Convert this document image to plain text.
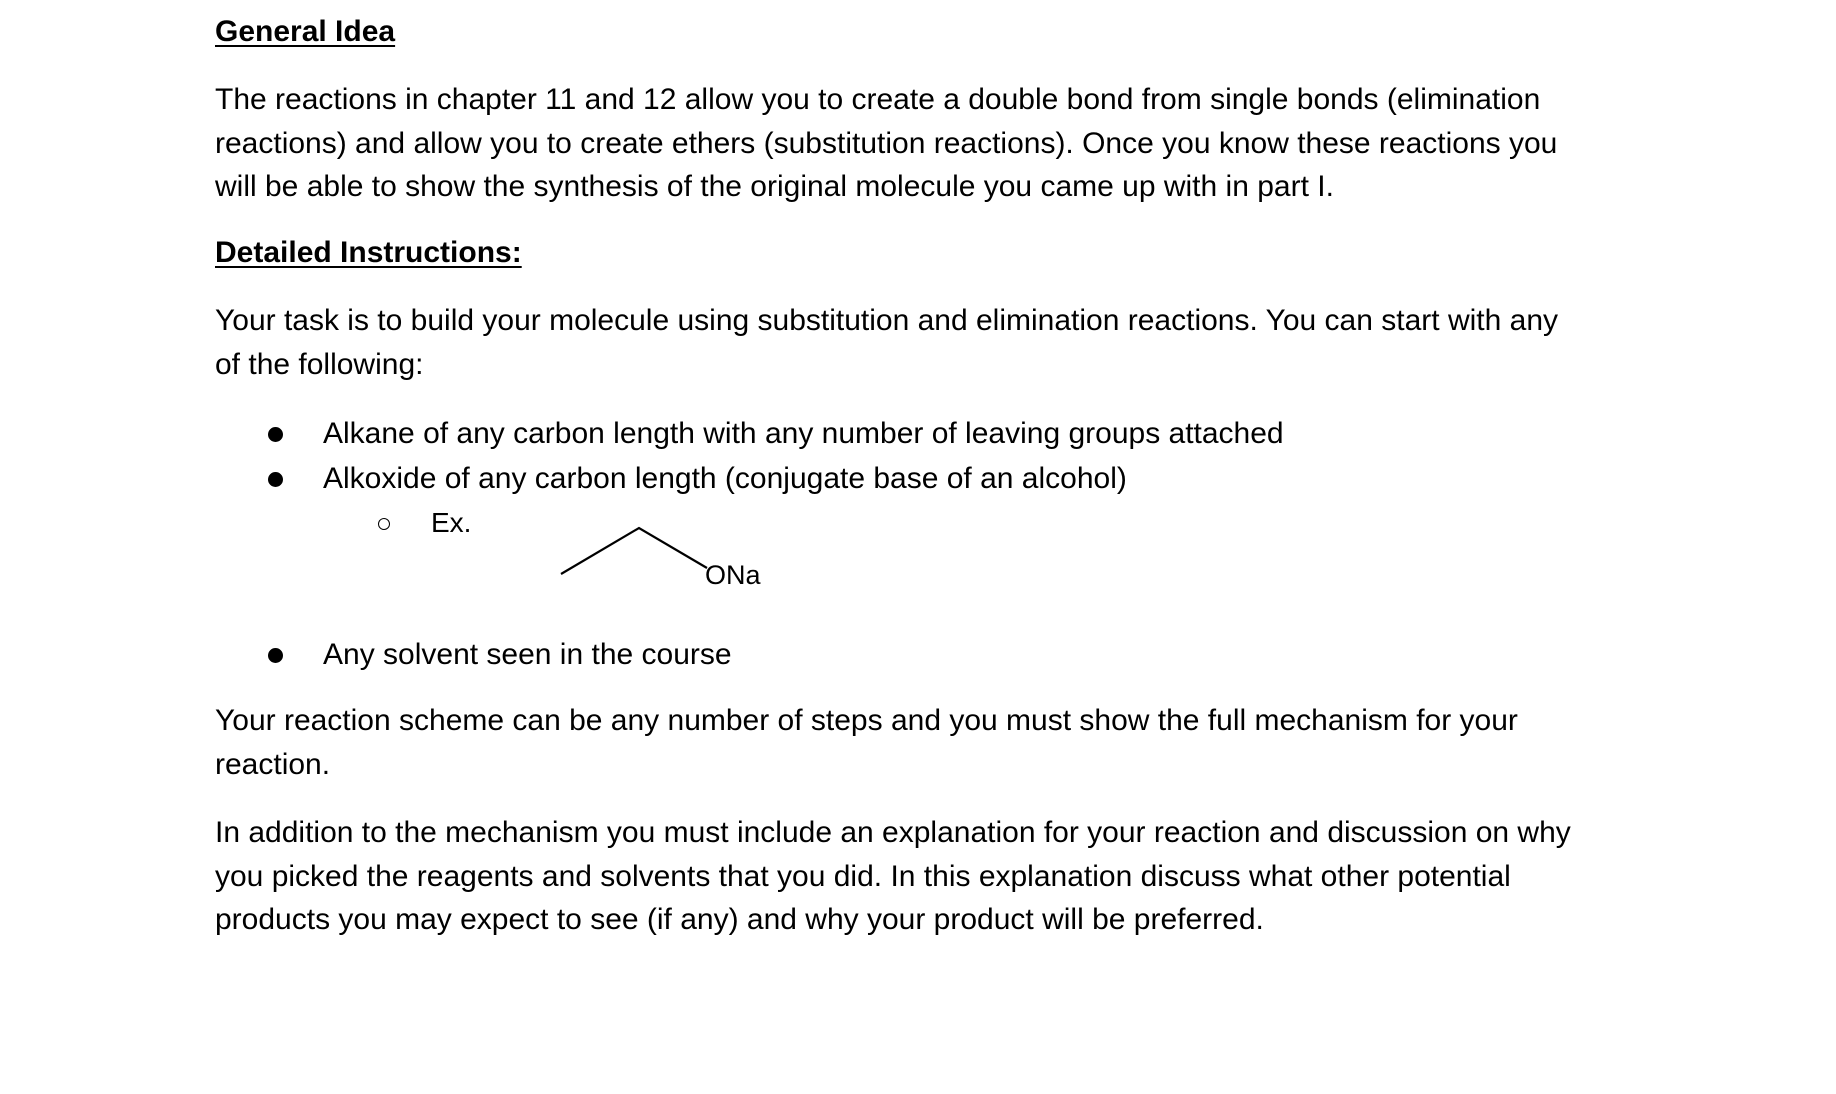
General Idea
The reactions in chapter 11 and 12 allow you to create a double bond from single bonds (elimination
reactions) and allow you to create ethers (substitution reactions). Once you know these reactions you
will be able to show the synthesis of the original molecule you came up with in part I.
Detailed Instructions:
Your task is to build your molecule using substitution and elimination reactions. You can start with any
of the following:
Alkane of any carbon length with any number of leaving groups attached
Alkoxide of any carbon length (conjugate base of an alcohol)
Ex.
ONa
Any solvent seen in the course
Your reaction scheme can be any number of steps and you must show the full mechanism for your
reaction.
In addition to the mechanism you must include an explanation for your reaction and discussion on why
you picked the reagents and solvents that you did. In this explanation discuss what other potential
products you may expect to see (if any) and why your product will be preferred.
